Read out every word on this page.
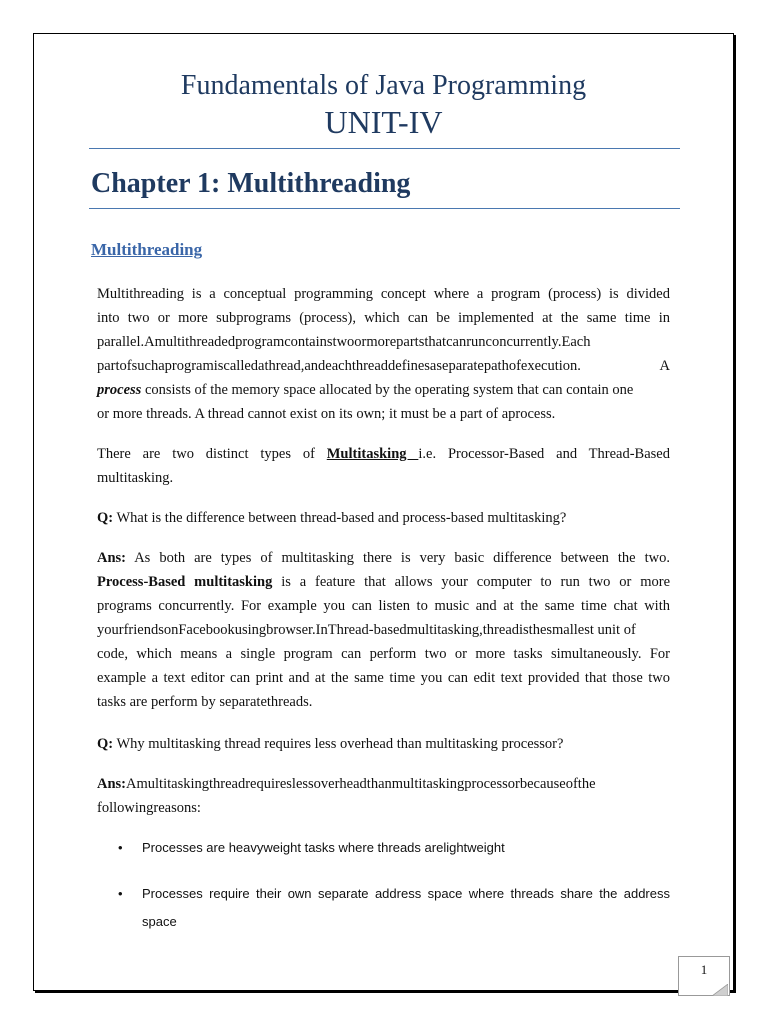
Fundamentals of Java Programming
UNIT-IV
Chapter 1: Multithreading
Multithreading
Multithreading is a conceptual programming concept where a program (process) is divided
into two or more subprograms (process), which can be implemented at the same time in
parallel.Amultithreadedprogramcontainstwoormorepartsthatcanrunconcurrently.Each
partofsuchaprogramiscalledathread,andeachthreaddefinesaseparatepathofexecution.	A
process consists of the memory space allocated by the operating system that can contain one
or more threads. A thread cannot exist on its own; it must be a part of aprocess.
There are two distinct types of Multitasking i.e. Processor-Based and Thread-Based
multitasking.
Q: What is the difference between thread-based and process-based multitasking?
Ans: As both are types of multitasking there is very basic difference between the two.
Process-Based multitasking is a feature that allows your computer to run two or more
programs concurrently. For example you can listen to music and at the same time chat with
yourfriendsonFacebookusingbrowser.InThread-basedmultitasking,threadisthesmallest unit of
code, which means a single program can perform two or more tasks simultaneously. For
example a text editor can print and at the same time you can edit text provided that those two
tasks are perform by separatethreads.
Q: Why multitasking thread requires less overhead than multitasking processor?
Ans:Amultitaskingthreadrequireslessoverheadthanmultitaskingprocessorbecauseofthe
followingreasons:
• Processes are heavyweight tasks where threads arelightweight
• Processes require their own separate address space where threads share the address
space
1
